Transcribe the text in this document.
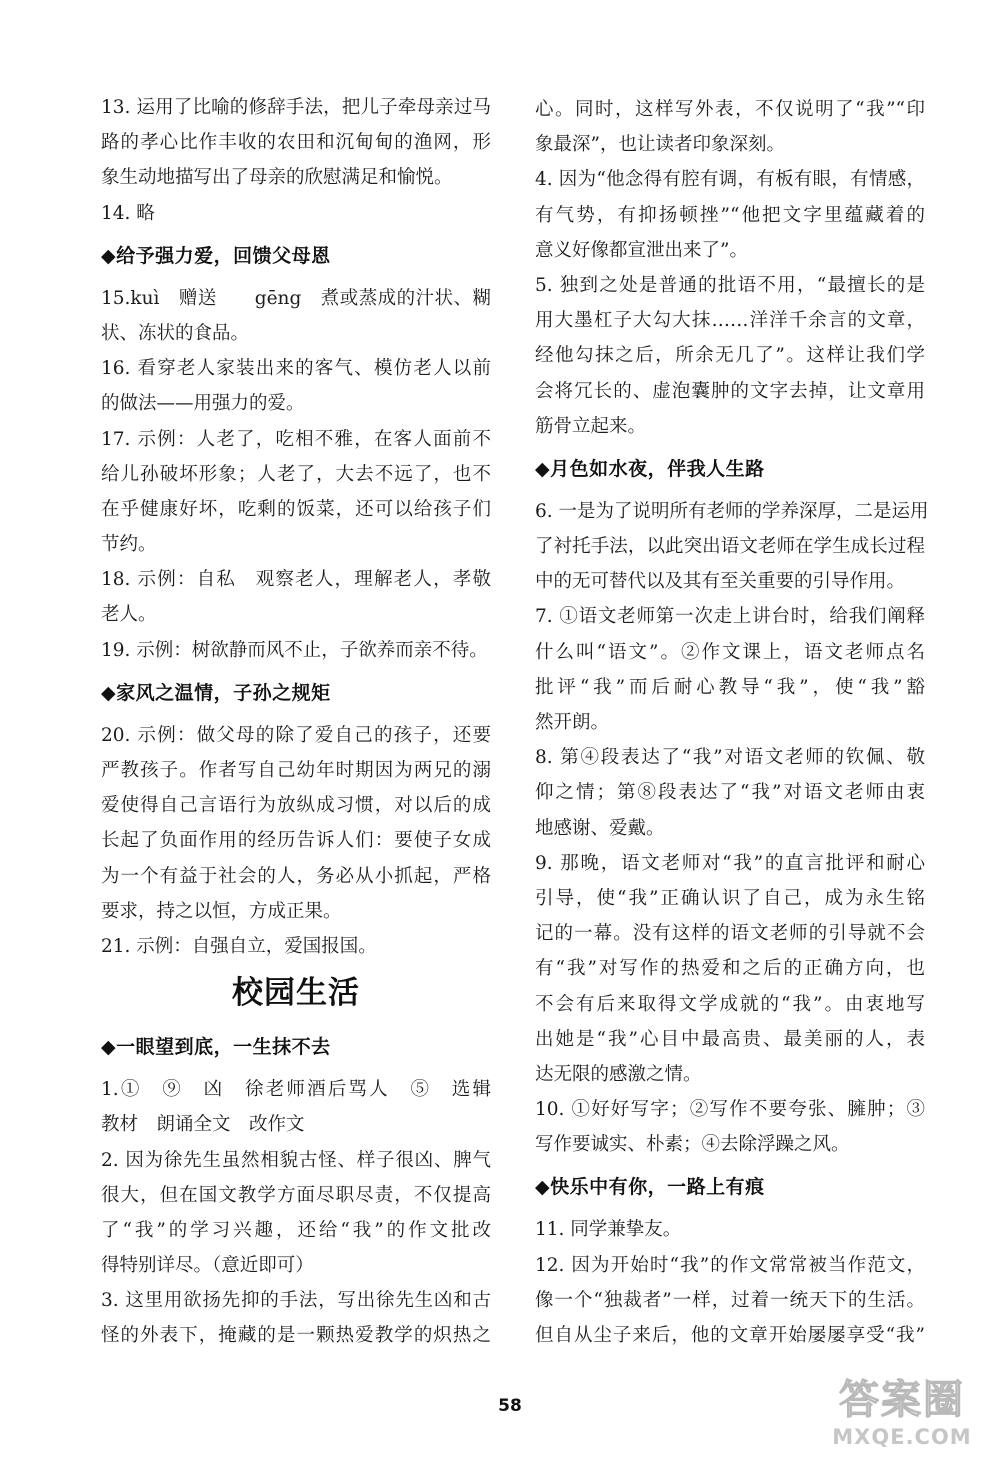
13. 运用了比喻的修辞手法，把儿子牵母亲过马
路的孝心比作丰收的农田和沉甸甸的渔网，形
象生动地描写出了母亲的欣慰满足和愉悦。
14. 略
◆给予强力爱，回馈父母恩
15.kuì　赠送　　gēng　煮或蒸成的汁状、糊
状、冻状的食品。
16. 看穿老人家装出来的客气、模仿老人以前
的做法——用强力的爱。
17. 示例：人老了，吃相不雅，在客人面前不
给儿孙破坏形象；人老了，大去不远了，也不
在乎健康好坏，吃剩的饭菜，还可以给孩子们
节约。
18. 示例：自私　观察老人，理解老人，孝敬
老人。
19. 示例：树欲静而风不止，子欲养而亲不待。
◆家风之温情，子孙之规矩
20. 示例：做父母的除了爱自己的孩子，还要
严教孩子。作者写自己幼年时期因为两兄的溺
爱使得自己言语行为放纵成习惯，对以后的成
长起了负面作用的经历告诉人们：要使子女成
为一个有益于社会的人，务必从小抓起，严格
要求，持之以恒，方成正果。
21. 示例：自强自立，爱国报国。
校园生活
◆一眼望到底，一生抹不去
1.①　⑨　凶　徐老师酒后骂人　⑤　选辑
教材　朗诵全文　改作文
2. 因为徐先生虽然相貌古怪、样子很凶、脾气
很大，但在国文教学方面尽职尽责，不仅提高
了“我”的学习兴趣，还给“我”的作文批改
得特别详尽。（意近即可）
3. 这里用欲扬先抑的手法，写出徐先生凶和古
怪的外表下，掩藏的是一颗热爱教学的炽热之
心。同时，这样写外表，不仅说明了“我”“印
象最深”，也让读者印象深刻。
4. 因为“他念得有腔有调，有板有眼，有情感，
有气势，有抑扬顿挫”“他把文字里蕴藏着的
意义好像都宣泄出来了”。
5. 独到之处是普通的批语不用，“最擅长的是
用大墨杠子大勾大抹……洋洋千余言的文章，
经他勾抹之后，所余无几了”。这样让我们学
会将冗长的、虚泡囊肿的文字去掉，让文章用
筋骨立起来。
◆月色如水夜，伴我人生路
6. 一是为了说明所有老师的学养深厚，二是运用
了衬托手法，以此突出语文老师在学生成长过程
中的无可替代以及其有至关重要的引导作用。
7. ①语文老师第一次走上讲台时，给我们阐释
什么叫“语文”。②作文课上，语文老师点名
批评“我”而后耐心教导“我”，使“我”豁
然开朗。
8. 第④段表达了“我”对语文老师的钦佩、敬
仰之情；第⑧段表达了“我”对语文老师由衷
地感谢、爱戴。
9. 那晚，语文老师对“我”的直言批评和耐心
引导，使“我”正确认识了自己，成为永生铭
记的一幕。没有这样的语文老师的引导就不会
有“我”对写作的热爱和之后的正确方向，也
不会有后来取得文学成就的“我”。由衷地写
出她是“我”心目中最高贵、最美丽的人，表
达无限的感激之情。
10. ①好好写字；②写作不要夸张、臃肿；③
写作要诚实、朴素；④去除浮躁之风。
◆快乐中有你，一路上有痕
11. 同学兼挚友。
12. 因为开始时“我”的作文常常被当作范文，
像一个“独裁者”一样，过着一统天下的生活。
但自从尘子来后，他的文章开始屡屡享受“我”
58	答案圈
MXQE.COM
